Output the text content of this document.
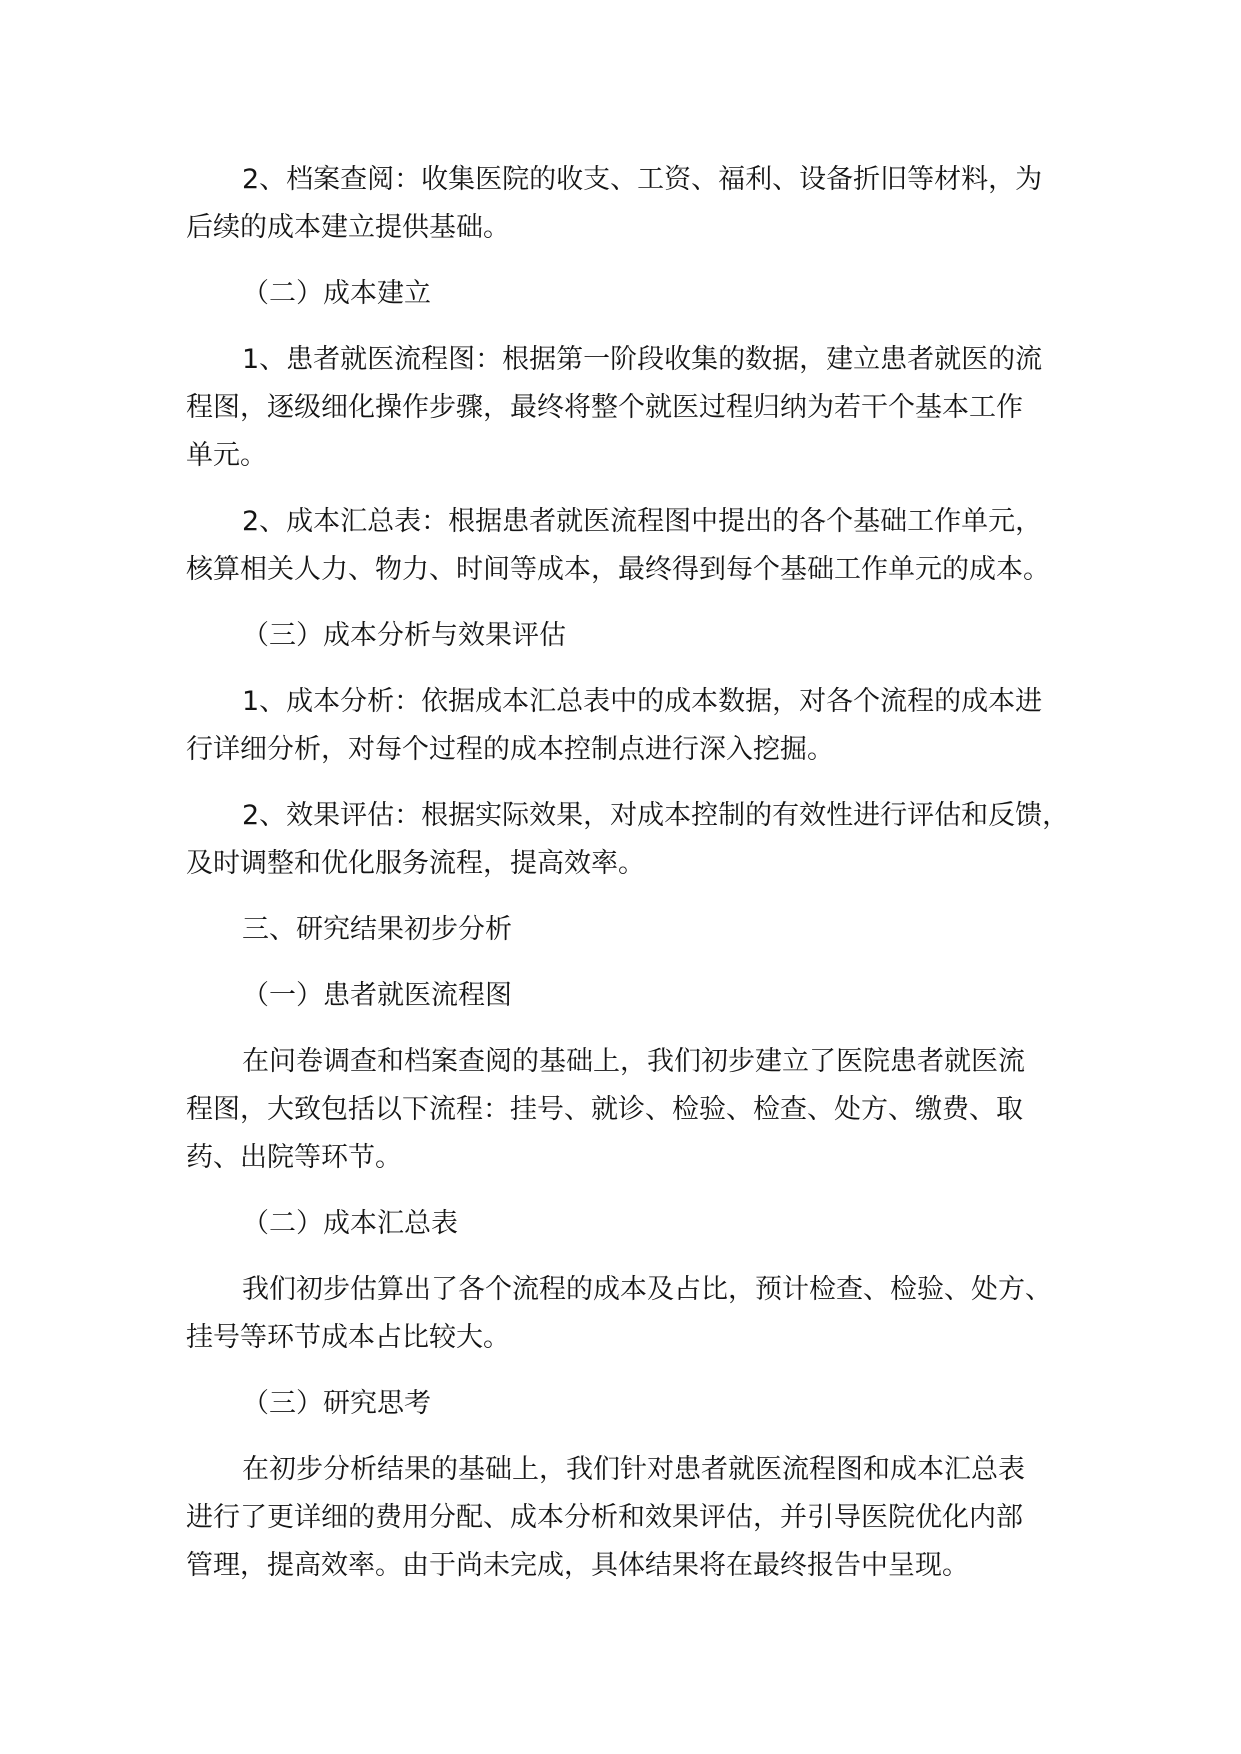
2、档案查阅：收集医院的收支、工资、福利、设备折旧等材料，为
后续的成本建立提供基础。

（二）成本建立

1、患者就医流程图：根据第一阶段收集的数据，建立患者就医的流
程图，逐级细化操作步骤，最终将整个就医过程归纳为若干个基本工作
单元。

2、成本汇总表：根据患者就医流程图中提出的各个基础工作单元，
核算相关人力、物力、时间等成本，最终得到每个基础工作单元的成本。

（三）成本分析与效果评估

1、成本分析：依据成本汇总表中的成本数据，对各个流程的成本进
行详细分析，对每个过程的成本控制点进行深入挖掘。

2、效果评估：根据实际效果，对成本控制的有效性进行评估和反馈，
及时调整和优化服务流程，提高效率。

三、研究结果初步分析

（一）患者就医流程图

在问卷调查和档案查阅的基础上，我们初步建立了医院患者就医流
程图，大致包括以下流程：挂号、就诊、检验、检查、处方、缴费、取
药、出院等环节。

（二）成本汇总表

我们初步估算出了各个流程的成本及占比，预计检查、检验、处方、
挂号等环节成本占比较大。

（三）研究思考

在初步分析结果的基础上，我们针对患者就医流程图和成本汇总表
进行了更详细的费用分配、成本分析和效果评估，并引导医院优化内部
管理，提高效率。由于尚未完成，具体结果将在最终报告中呈现。
